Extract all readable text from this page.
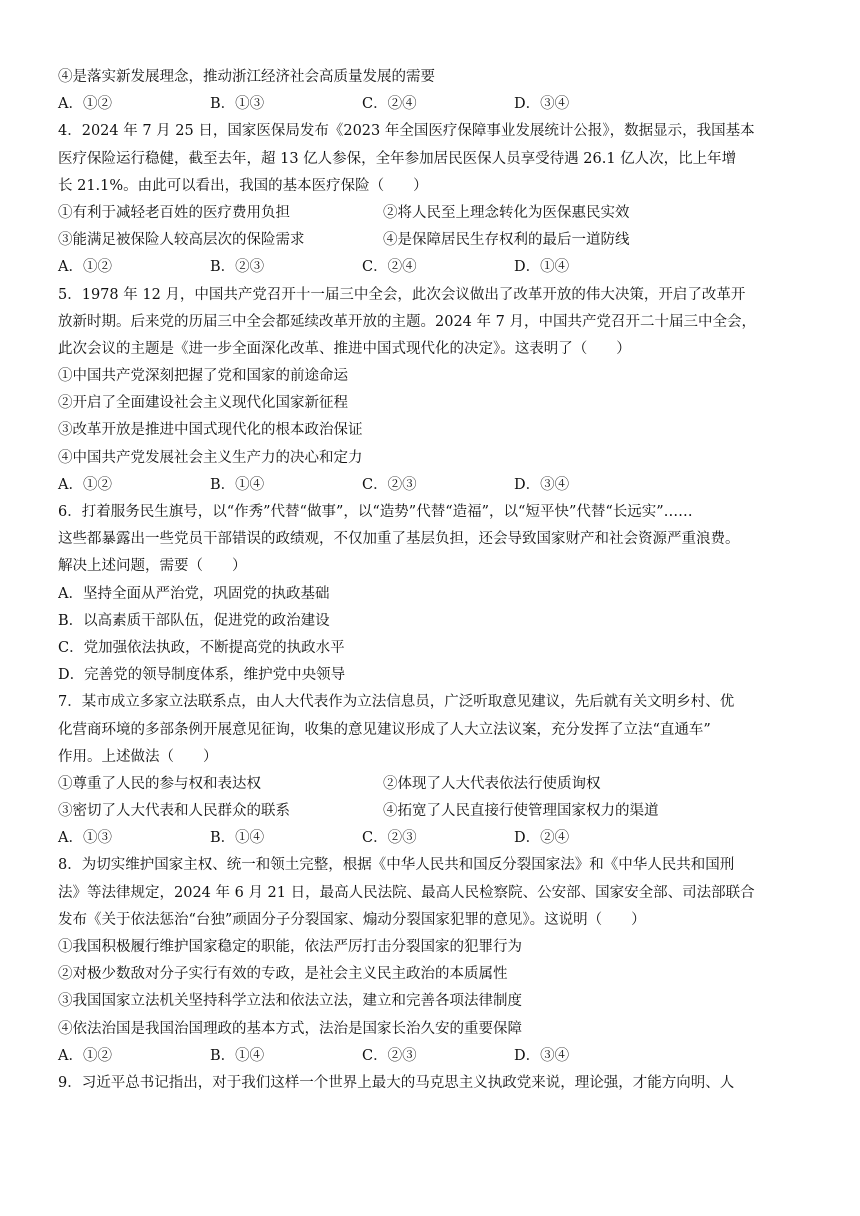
④是落实新发展理念，推动浙江经济社会高质量发展的需要
A．①②	B．①③	C．②④	D．③④
4．2024 年 7 月 25 日，国家医保局发布《2023 年全国医疗保障事业发展统计公报》，数据显示，我国基本
医疗保险运行稳健，截至去年，超 13 亿人参保，全年参加居民医保人员享受待遇 26.1 亿人次，比上年增
长 21.1%。由此可以看出，我国的基本医疗保险（　　）
①有利于减轻老百姓的医疗费用负担	②将人民至上理念转化为医保惠民实效
③能满足被保险人较高层次的保险需求	④是保障居民生存权利的最后一道防线
A．①②	B．②③	C．②④	D．①④
5．1978 年 12 月，中国共产党召开十一届三中全会，此次会议做出了改革开放的伟大决策，开启了改革开
放新时期。后来党的历届三中全会都延续改革开放的主题。2024 年 7 月，中国共产党召开二十届三中全会，
此次会议的主题是《进一步全面深化改革、推进中国式现代化的决定》。这表明了（　　）
①中国共产党深刻把握了党和国家的前途命运
②开启了全面建设社会主义现代化国家新征程
③改革开放是推进中国式现代化的根本政治保证
④中国共产党发展社会主义生产力的决心和定力
A．①②	B．①④	C．②③	D．③④
6．打着服务民生旗号，以“作秀”代替“做事”，以“造势”代替“造福”，以“短平快”代替“长远实”……
这些都暴露出一些党员干部错误的政绩观，不仅加重了基层负担，还会导致国家财产和社会资源严重浪费。
解决上述问题，需要（　　）
A．坚持全面从严治党，巩固党的执政基础
B．以高素质干部队伍，促进党的政治建设
C．党加强依法执政，不断提高党的执政水平
D．完善党的领导制度体系，维护党中央领导
7．某市成立多家立法联系点，由人大代表作为立法信息员，广泛听取意见建议，先后就有关文明乡村、优
化营商环境的多部条例开展意见征询，收集的意见建议形成了人大立法议案，充分发挥了立法“直通车”
作用。上述做法（　　）
①尊重了人民的参与权和表达权	②体现了人大代表依法行使质询权
③密切了人大代表和人民群众的联系	④拓宽了人民直接行使管理国家权力的渠道
A．①③	B．①④	C．②③	D．②④
8．为切实维护国家主权、统一和领土完整，根据《中华人民共和国反分裂国家法》和《中华人民共和国刑
法》等法律规定，2024 年 6 月 21 日，最高人民法院、最高人民检察院、公安部、国家安全部、司法部联合
发布《关于依法惩治“台独”顽固分子分裂国家、煽动分裂国家犯罪的意见》。这说明（　　）
①我国积极履行维护国家稳定的职能，依法严厉打击分裂国家的犯罪行为
②对极少数敌对分子实行有效的专政，是社会主义民主政治的本质属性
③我国国家立法机关坚持科学立法和依法立法，建立和完善各项法律制度
④依法治国是我国治国理政的基本方式，法治是国家长治久安的重要保障
A．①②	B．①④	C．②③	D．③④
9．习近平总书记指出，对于我们这样一个世界上最大的马克思主义执政党来说，理论强，才能方向明、人
